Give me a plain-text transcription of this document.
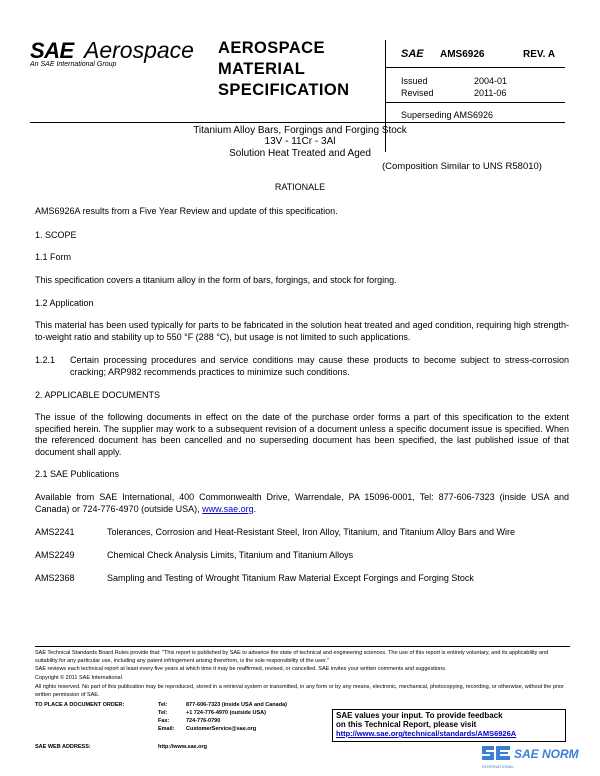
SAE Aerospace
An SAE International Group
AEROSPACE
MATERIAL
SPECIFICATION
SAE AMS6926	REV. A
Issued	2004-01
Revised	2011-06
Superseding AMS6926
Titanium Alloy Bars, Forgings and Forging Stock
13V - 11Cr - 3Al
Solution Heat Treated and Aged
(Composition Similar to UNS R58010)
RATIONALE
AMS6926A results from a Five Year Review and update of this specification.
1. SCOPE
1.1 Form
This specification covers a titanium alloy in the form of bars, forgings, and stock for forging.
1.2 Application
This material has been used typically for parts to be fabricated in the solution heat treated and aged condition, requiring high strength-to-weight ratio and stability up to 550 °F (288 °C), but usage is not limited to such applications.
1.2.1 Certain processing procedures and service conditions may cause these products to become subject to stress-corrosion cracking; ARP982 recommends practices to minimize such conditions.
2. APPLICABLE DOCUMENTS
The issue of the following documents in effect on the date of the purchase order forms a part of this specification to the extent specified herein. The supplier may work to a subsequent revision of a document unless a specific document issue is specified. When the referenced document has been cancelled and no superseding document has been specified, the last published issue of that document shall apply.
2.1 SAE Publications
Available from SAE International, 400 Commonwealth Drive, Warrendale, PA 15096-0001, Tel: 877-606-7323 (inside USA and Canada) or 724-776-4970 (outside USA), www.sae.org.
AMS2241	Tolerances, Corrosion and Heat-Resistant Steel, Iron Alloy, Titanium, and Titanium Alloy Bars and Wire
AMS2249	Chemical Check Analysis Limits, Titanium and Titanium Alloys
AMS2368	Sampling and Testing of Wrought Titanium Raw Material Except Forgings and Forging Stock
SAE Technical Standards Board Rules provide that: "This report is published by SAE to advance the state of technical and engineering sciences. The use of this report is entirely voluntary, and its applicability and suitability for any particular use, including any patent infringement arising therefrom, is the sole responsibility of the user."
SAE reviews each technical report at least every five years at which time it may be reaffirmed, revised, or cancelled. SAE invites your written comments and suggestions.
Copyright © 2011 SAE International
All rights reserved. No part of this publication may be reproduced, stored in a retrieval system or transmitted, in any form or by any means, electronic, mechanical, photocopying, recording, or otherwise, without the prior written permission of SAE.
TO PLACE A DOCUMENT ORDER:	Tel:	877-606-7323 (inside USA and Canada)
Tel:	+1 724-776-4970 (outside USA)
Fax:	724-776-0790
Email: CustomerService@sae.org
SAE WEB ADDRESS:	http://www.sae.org
SAE values your input. To provide feedback
on this Technical Report, please visit
http://www.sae.org/technical/standards/AMS6926A
SAE NORM
INTERNATIONAL
